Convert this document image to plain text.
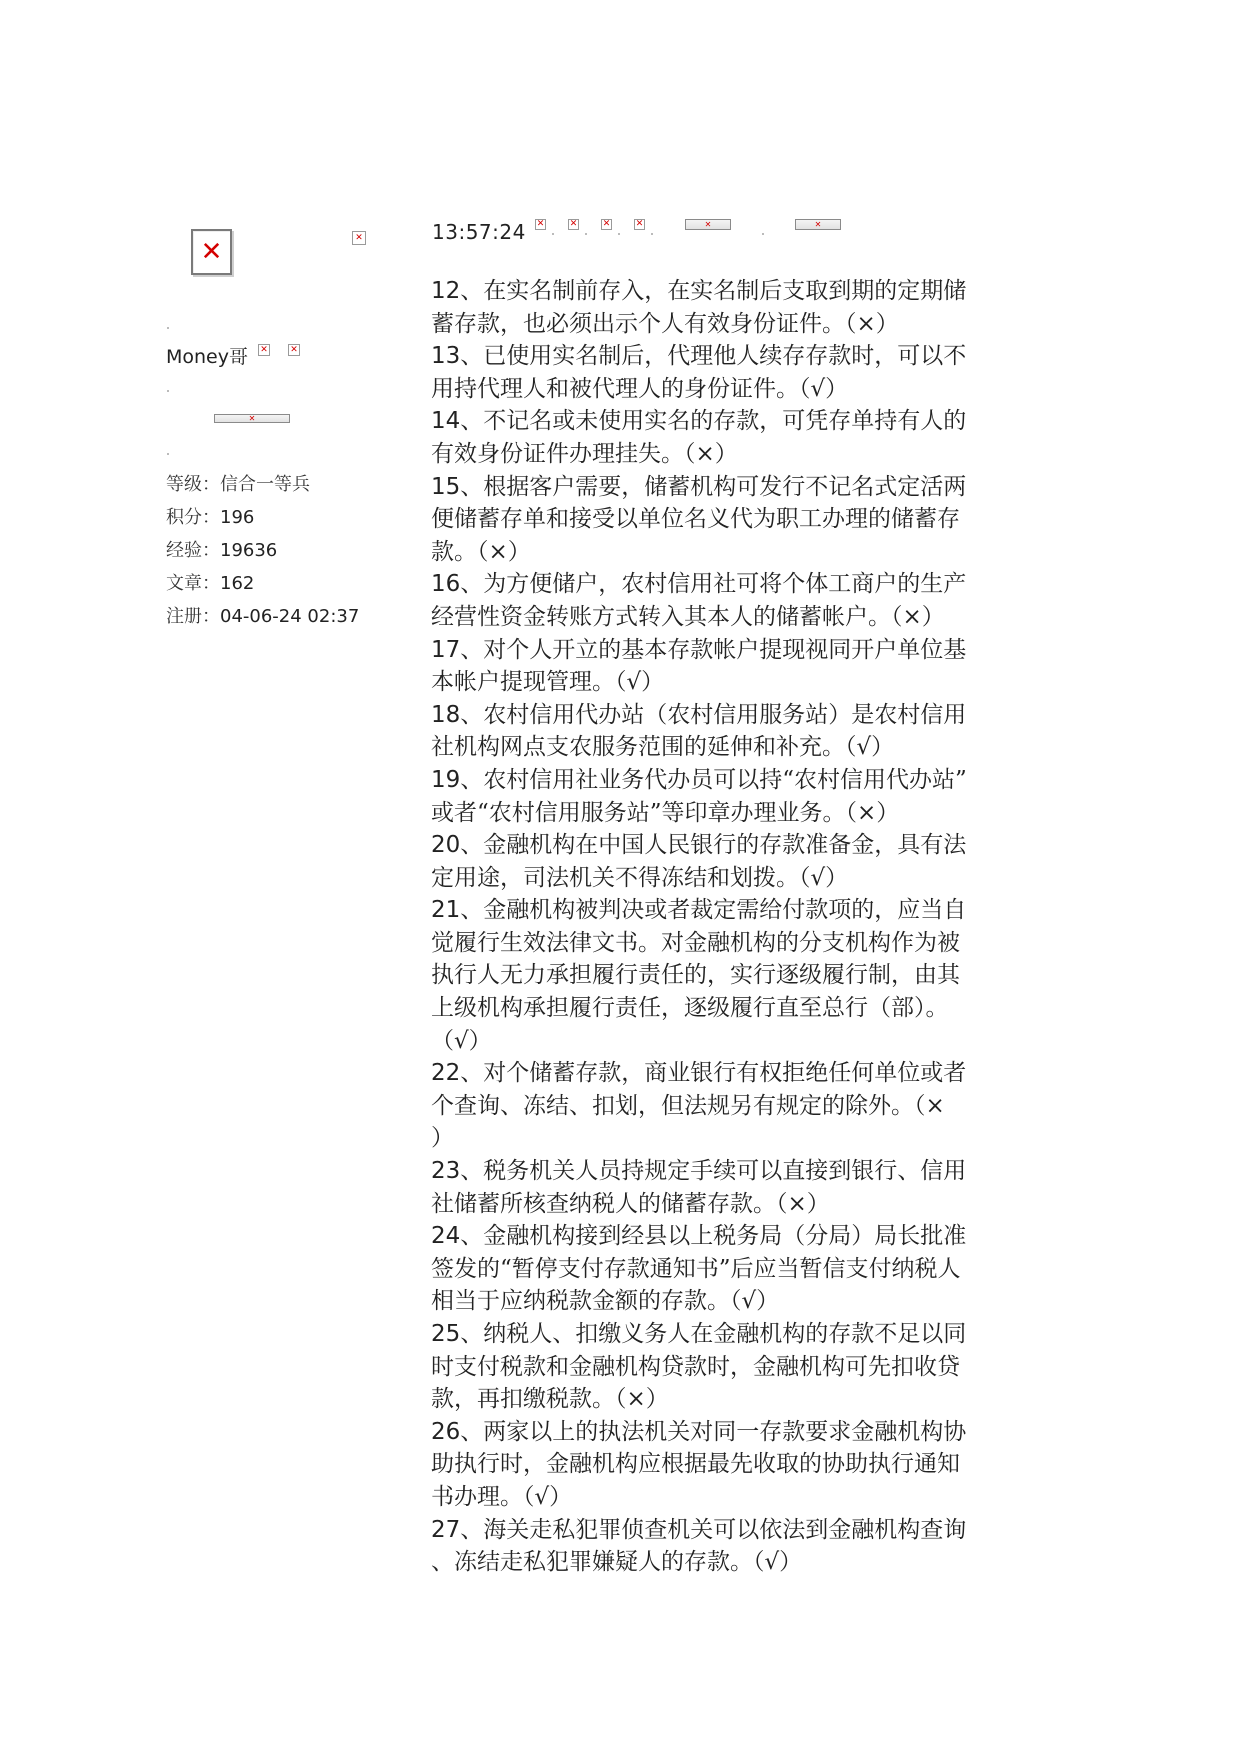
✕	✕
Money哥 ✕ ✕
✕
等级：信合一等兵
积分：196
经验：19636
文章：162
注册：04-06-24 02:37
13:57:24 ✕	✕	✕	✕	✕	✕
12、在实名制前存入，在实名制后支取到期的定期储
蓄存款，也必须出示个人有效身份证件。（×）
13、已使用实名制后，代理他人续存存款时，可以不
用持代理人和被代理人的身份证件。（√）
14、不记名或未使用实名的存款，可凭存单持有人的
有效身份证件办理挂失。（×）
15、根据客户需要，储蓄机构可发行不记名式定活两
便储蓄存单和接受以单位名义代为职工办理的储蓄存
款。（×）
16、为方便储户，农村信用社可将个体工商户的生产
经营性资金转账方式转入其本人的储蓄帐户。（×）
17、对个人开立的基本存款帐户提现视同开户单位基
本帐户提现管理。（√）
18、农村信用代办站（农村信用服务站）是农村信用
社机构网点支农服务范围的延伸和补充。（√）
19、农村信用社业务代办员可以持“农村信用代办站”
或者“农村信用服务站”等印章办理业务。（×）
20、金融机构在中国人民银行的存款准备金，具有法
定用途，司法机关不得冻结和划拨。（√）
21、金融机构被判决或者裁定需给付款项的，应当自
觉履行生效法律文书。对金融机构的分支机构作为被
执行人无力承担履行责任的，实行逐级履行制，由其
上级机构承担履行责任，逐级履行直至总行（部）。
（√）
22、对个储蓄存款，商业银行有权拒绝任何单位或者
个查询、冻结、扣划，但法规另有规定的除外。（×
）
23、税务机关人员持规定手续可以直接到银行、信用
社储蓄所核查纳税人的储蓄存款。（×）
24、金融机构接到经县以上税务局（分局）局长批准
签发的“暂停支付存款通知书”后应当暂信支付纳税人
相当于应纳税款金额的存款。（√）
25、纳税人、扣缴义务人在金融机构的存款不足以同
时支付税款和金融机构贷款时，金融机构可先扣收贷
款，再扣缴税款。（×）
26、两家以上的执法机关对同一存款要求金融机构协
助执行时，金融机构应根据最先收取的协助执行通知
书办理。（√）
27、海关走私犯罪侦查机关可以依法到金融机构查询
、冻结走私犯罪嫌疑人的存款。（√）
